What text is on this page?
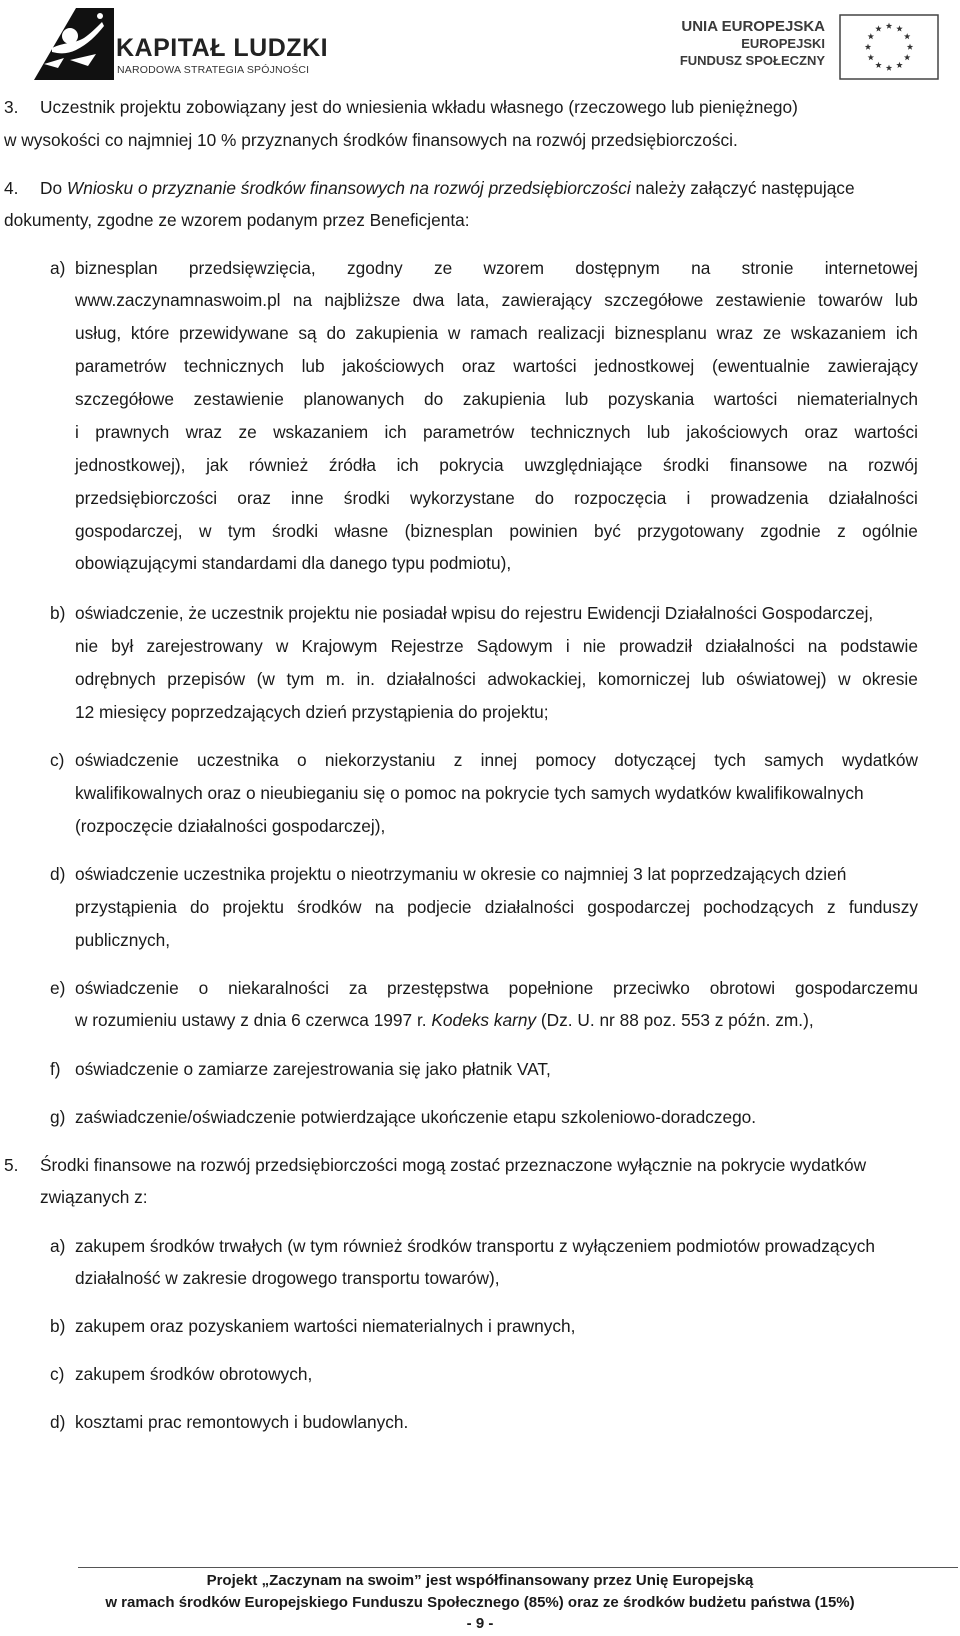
KAPITAŁ LUDZKI
NARODOWA STRATEGIA SPÓJNOŚCI
UNIA EUROPEJSKA
EUROPEJSKI
FUNDUSZ SPOŁECZNY
3. Uczestnik projektu zobowiązany jest do wniesienia wkładu własnego (rzeczowego lub pieniężnego)
w wysokości co najmniej 10 % przyznanych środków finansowych na rozwój przedsiębiorczości.
4. Do Wniosku o przyznanie środków finansowych na rozwój przedsiębiorczości należy załączyć następujące
dokumenty, zgodne ze wzorem podanym przez Beneficjenta:
a) biznesplan przedsięwzięcia, zgodny ze wzorem dostępnym na stronie internetowej
www.zaczynamnaswoim.pl na najbliższe dwa lata, zawierający szczegółowe zestawienie towarów lub
usług, które przewidywane są do zakupienia w ramach realizacji biznesplanu wraz ze wskazaniem ich
parametrów technicznych lub jakościowych oraz wartości jednostkowej (ewentualnie zawierający
szczegółowe zestawienie planowanych do zakupienia lub pozyskania wartości niematerialnych
i prawnych wraz ze wskazaniem ich parametrów technicznych lub jakościowych oraz wartości
jednostkowej), jak również źródła ich pokrycia uwzględniające środki finansowe na rozwój
przedsiębiorczości oraz inne środki wykorzystane do rozpoczęcia i prowadzenia działalności
gospodarczej, w tym środki własne (biznesplan powinien być przygotowany zgodnie z ogólnie
obowiązującymi standardami dla danego typu podmiotu),
b) oświadczenie, że uczestnik projektu nie posiadał wpisu do rejestru Ewidencji Działalności Gospodarczej,
nie był zarejestrowany w Krajowym Rejestrze Sądowym i nie prowadził działalności na podstawie
odrębnych przepisów (w tym m. in. działalności adwokackiej, komorniczej lub oświatowej) w okresie
12 miesięcy poprzedzających dzień przystąpienia do projektu;
c) oświadczenie uczestnika o niekorzystaniu z innej pomocy dotyczącej tych samych wydatków
kwalifikowalnych oraz o nieubieganiu się o pomoc na pokrycie tych samych wydatków kwalifikowalnych
(rozpoczęcie działalności gospodarczej),
d) oświadczenie uczestnika projektu o nieotrzymaniu w okresie co najmniej 3 lat poprzedzających dzień
przystąpienia do projektu środków na podjecie działalności gospodarczej pochodzących z funduszy
publicznych,
e) oświadczenie o niekaralności za przestępstwa popełnione przeciwko obrotowi gospodarczemu
w rozumieniu ustawy z dnia 6 czerwca 1997 r. Kodeks karny (Dz. U. nr 88 poz. 553 z późn. zm.),
f) oświadczenie o zamiarze zarejestrowania się jako płatnik VAT,
g) zaświadczenie/oświadczenie potwierdzające ukończenie etapu szkoleniowo-doradczego.
5. Środki finansowe na rozwój przedsiębiorczości mogą zostać przeznaczone wyłącznie na pokrycie wydatków
związanych z:
a) zakupem środków trwałych (w tym również środków transportu z wyłączeniem podmiotów prowadzących
działalność w zakresie drogowego transportu towarów),
b) zakupem oraz pozyskaniem wartości niematerialnych i prawnych,
c) zakupem środków obrotowych,
d) kosztami prac remontowych i budowlanych.
Projekt „Zaczynam na swoim” jest współfinansowany przez Unię Europejską
w ramach środków Europejskiego Funduszu Społecznego (85%) oraz ze środków budżetu państwa (15%)
- 9 -
